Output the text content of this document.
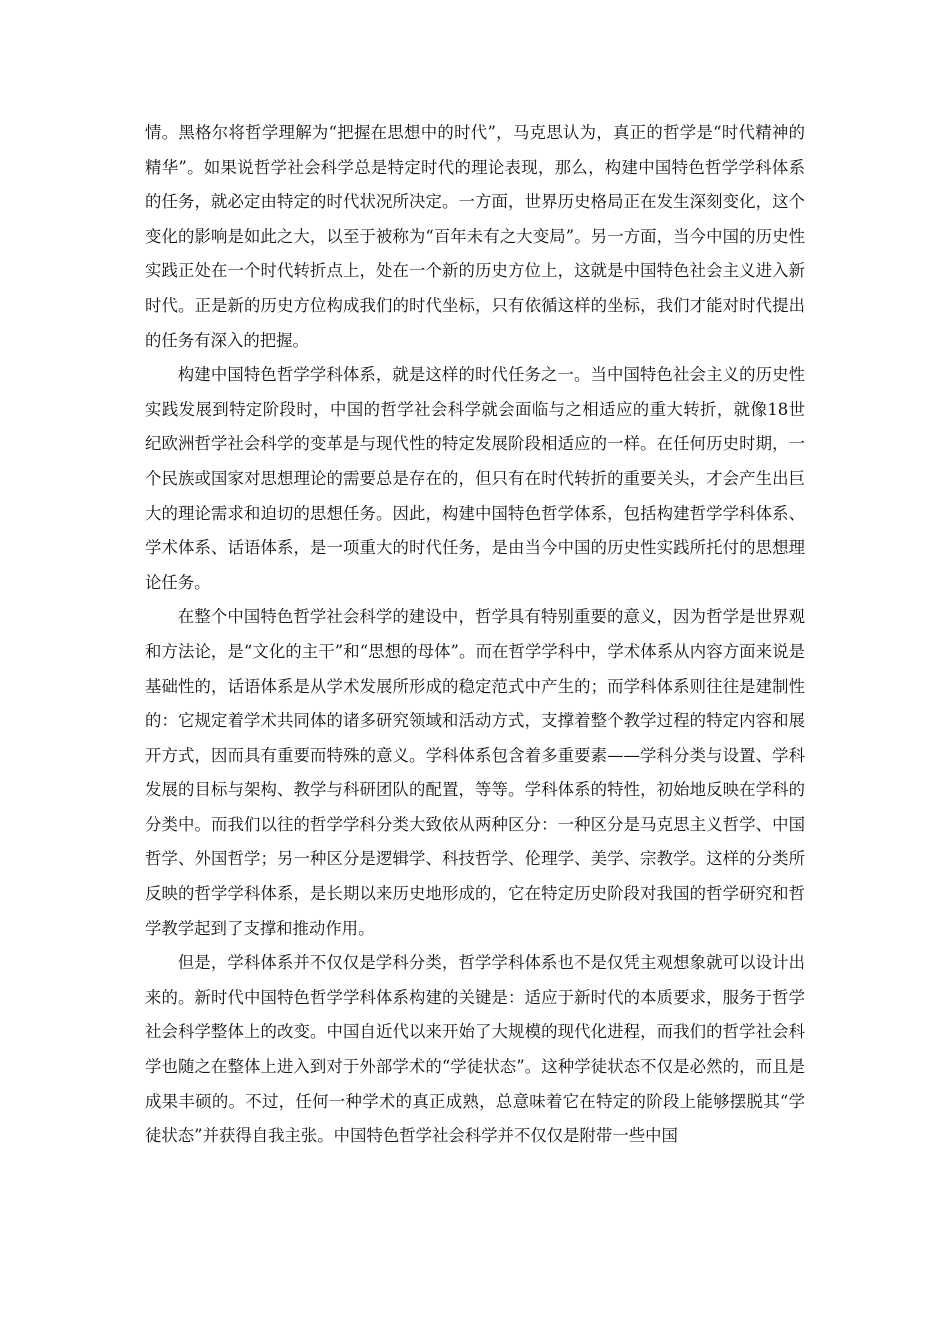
情。黑格尔将哲学理解为“把握在思想中的时代”，马克思认为，真正的哲学是“时代精神的精华”。如果说哲学社会科学总是特定时代的理论表现，那么，构建中国特色哲学学科体系的任务，就必定由特定的时代状况所决定。一方面，世界历史格局正在发生深刻变化，这个变化的影响是如此之大，以至于被称为“百年未有之大变局”。另一方面，当今中国的历史性实践正处在一个时代转折点上，处在一个新的历史方位上，这就是中国特色社会主义进入新时代。正是新的历史方位构成我们的时代坐标，只有依循这样的坐标，我们才能对时代提出的任务有深入的把握。

构建中国特色哲学学科体系，就是这样的时代任务之一。当中国特色社会主义的历史性实践发展到特定阶段时，中国的哲学社会科学就会面临与之相适应的重大转折，就像18世纪欧洲哲学社会科学的变革是与现代性的特定发展阶段相适应的一样。在任何历史时期，一个民族或国家对思想理论的需要总是存在的，但只有在时代转折的重要关头，才会产生出巨大的理论需求和迫切的思想任务。因此，构建中国特色哲学体系，包括构建哲学学科体系、学术体系、话语体系，是一项重大的时代任务，是由当今中国的历史性实践所托付的思想理论任务。

在整个中国特色哲学社会科学的建设中，哲学具有特别重要的意义，因为哲学是世界观和方法论，是“文化的主干”和“思想的母体”。而在哲学学科中，学术体系从内容方面来说是基础性的，话语体系是从学术发展所形成的稳定范式中产生的；而学科体系则往往是建制性的：它规定着学术共同体的诸多研究领域和活动方式，支撑着整个教学过程的特定内容和展开方式，因而具有重要而特殊的意义。学科体系包含着多重要素——学科分类与设置、学科发展的目标与架构、教学与科研团队的配置，等等。学科体系的特性，初始地反映在学科的分类中。而我们以往的哲学学科分类大致依从两种区分：一种区分是马克思主义哲学、中国哲学、外国哲学；另一种区分是逻辑学、科技哲学、伦理学、美学、宗教学。这样的分类所反映的哲学学科体系，是长期以来历史地形成的，它在特定历史阶段对我国的哲学研究和哲学教学起到了支撑和推动作用。

但是，学科体系并不仅仅是学科分类，哲学学科体系也不是仅凭主观想象就可以设计出来的。新时代中国特色哲学学科体系构建的关键是：适应于新时代的本质要求，服务于哲学社会科学整体上的改变。中国自近代以来开始了大规模的现代化进程，而我们的哲学社会科学也随之在整体上进入到对于外部学术的“学徒状态”。这种学徒状态不仅是必然的，而且是成果丰硕的。不过，任何一种学术的真正成熟，总意味着它在特定的阶段上能够摆脱其“学徒状态”并获得自我主张。中国特色哲学社会科学并不仅仅是附带一些中国
